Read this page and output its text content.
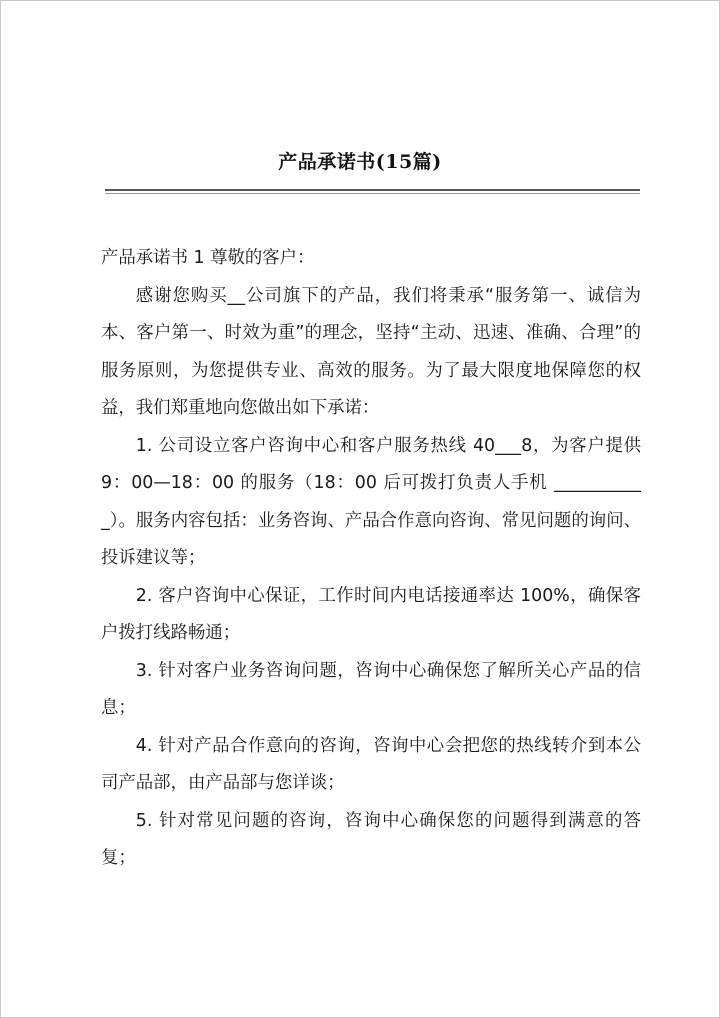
产品承诺书(15篇)

产品承诺书 1 尊敬的客户：

感谢您购买__公司旗下的产品，我们将秉承“服务第一、诚信为本、客户第一、时效为重”的理念，坚持“主动、迅速、准确、合理”的服务原则，为您提供专业、高效的服务。为了最大限度地保障您的权益，我们郑重地向您做出如下承诺：

1. 公司设立客户咨询中心和客户服务热线 40___8，为客户提供 9：00—18：00 的服务（18：00 后可拨打负责人手机 ___________）。服务内容包括：业务咨询、产品合作意向咨询、常见问题的询问、投诉建议等；

2. 客户咨询中心保证，工作时间内电话接通率达 100%，确保客户拨打线路畅通；

3. 针对客户业务咨询问题，咨询中心确保您了解所关心产品的信息；

4. 针对产品合作意向的咨询，咨询中心会把您的热线转介到本公司产品部，由产品部与您详谈；

5. 针对常见问题的咨询，咨询中心确保您的问题得到满意的答复；
